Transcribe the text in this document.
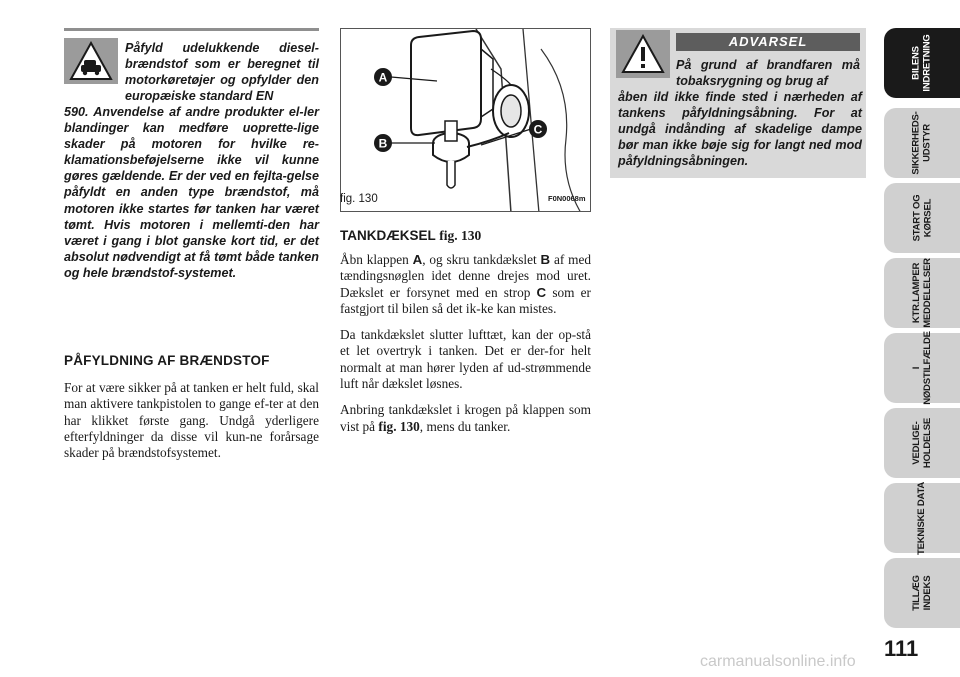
Påfyld udelukkende diesel-brændstof som er beregnet til motorkøretøjer og opfylder den europæiske standard EN
590. Anvendelse af andre produkter el-ler blandinger kan medføre uoprette-lige skader på motoren for hvilke re-klamationsbeføjelserne ikke vil kunne gøres gældende. Er der ved en fejlta-gelse påfyldt en anden type brændstof, må motoren ikke startes før tanken har været tømt. Hvis motoren i mellemti-den har været i gang i blot ganske kort tid, er det absolut nødvendigt at få tømt både tanken og hele brændstof-systemet.
PÅFYLDNING AF BRÆNDSTOF
For at være sikker på at tanken er helt fuld, skal man aktivere tankpistolen to gange ef-ter at den har klikket første gang. Undgå yderligere efterfyldninger da disse vil kun-ne forårsage skader på brændstofsystemet.
A
B
C
fig. 130	F0N0068m
TANKDÆKSEL fig. 130
Åbn klappen A, og skru tankdækslet B af med tændingsnøglen idet denne drejes mod uret. Dækslet er forsynet med en strop C som er fastgjort til bilen så det ik-ke kan mistes.
Da tankdækslet slutter lufttæt, kan der op-stå et let overtryk i tanken. Det er der-for helt normalt at man hører lyden af ud-strømmende luft når dækslet løsnes.
Anbring tankdækslet i krogen på klappen som vist på fig. 130, mens du tanker.
ADVARSEL
På grund af brandfaren må tobaksrygning og brug af
åben ild ikke finde sted i nærheden af tankens påfyldningsåbning. For at undgå indånding af skadelige dampe bør man ikke bøje sig for langt ned mod påfyldningsåbningen.
BILENS
INDRETNING
SIKKERHEDS-
UDSTYR
START OG
KØRSEL
KTR.LAMPER
MEDDELELSER
I
NØDSTILFÆLDE
VEDLIGE-
HOLDELSE
TEKNISKE DATA
TILLÆG
INDEKS
111
carmanualsonline.info
